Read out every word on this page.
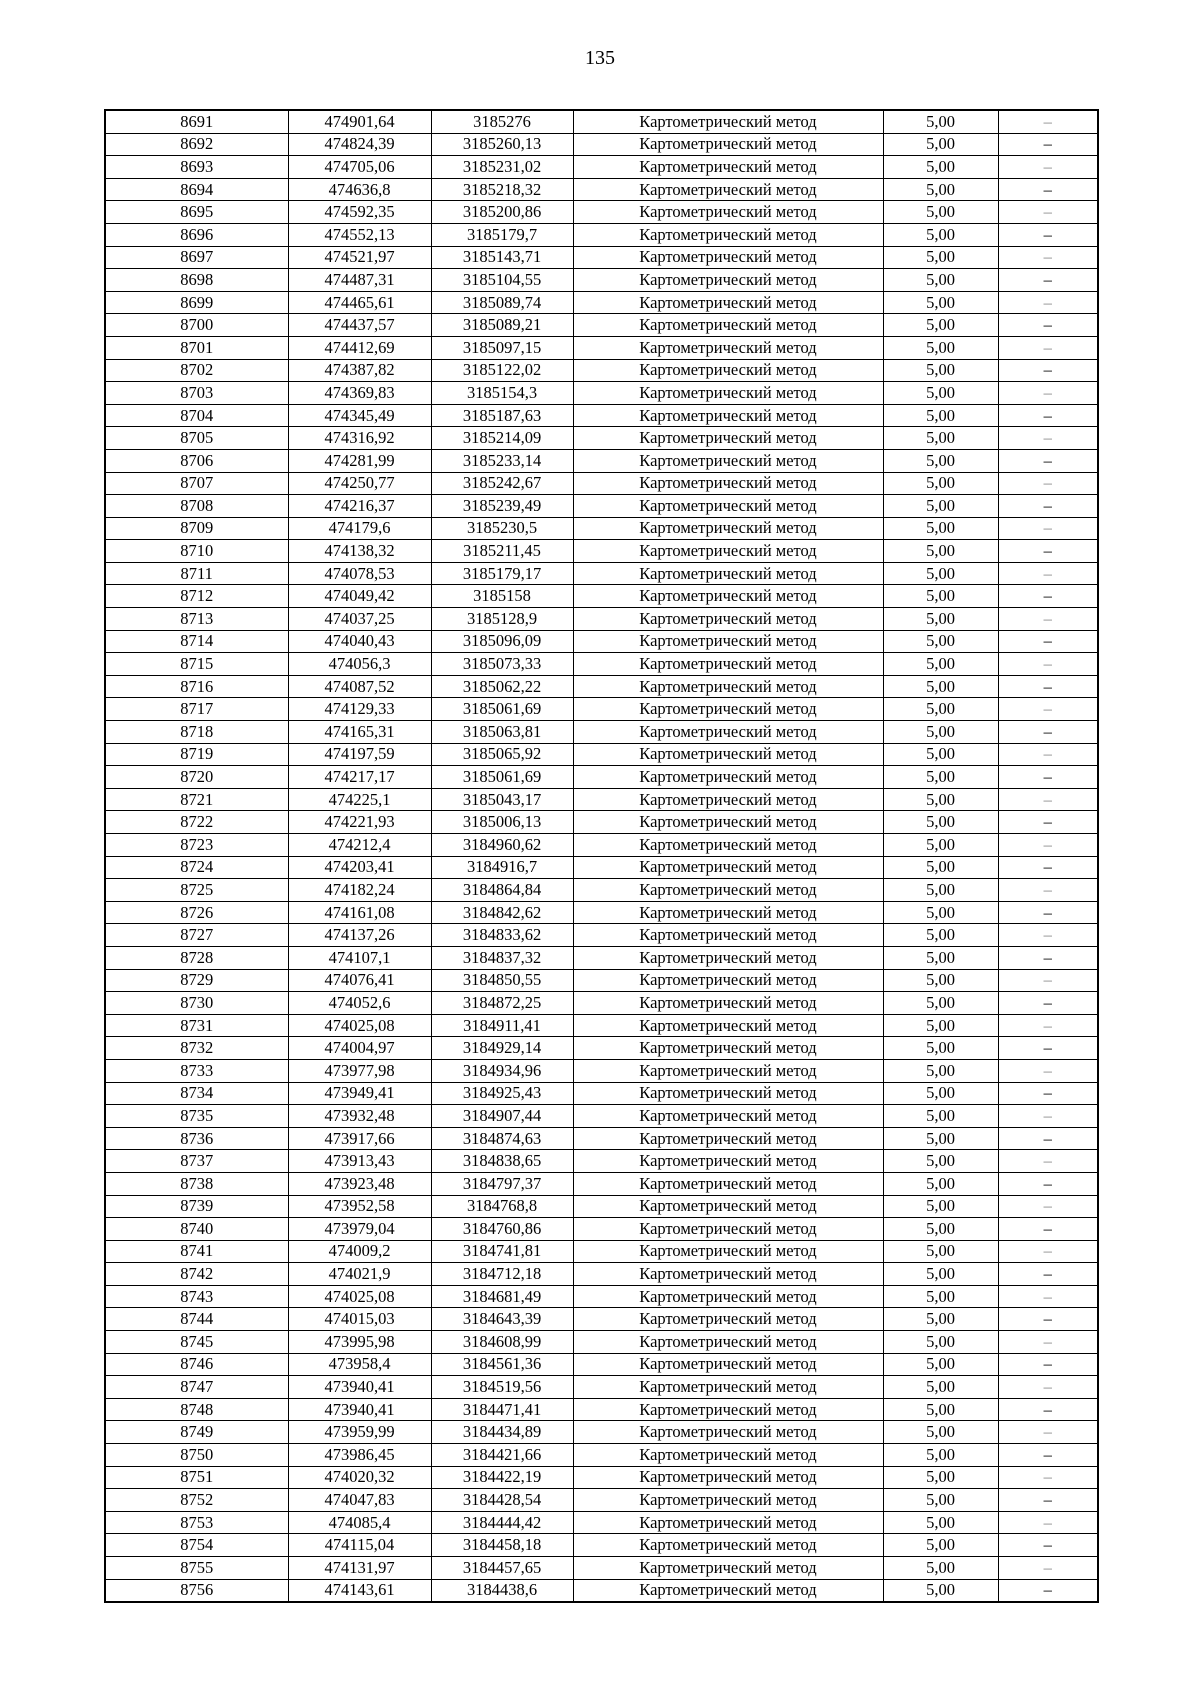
135
8691	474901,64	3185276	Картометрический метод	5,00	–
8692	474824,39	3185260,13	Картометрический метод	5,00	–
8693	474705,06	3185231,02	Картометрический метод	5,00	–
8694	474636,8	3185218,32	Картометрический метод	5,00	–
8695	474592,35	3185200,86	Картометрический метод	5,00	–
8696	474552,13	3185179,7	Картометрический метод	5,00	–
8697	474521,97	3185143,71	Картометрический метод	5,00	–
8698	474487,31	3185104,55	Картометрический метод	5,00	–
8699	474465,61	3185089,74	Картометрический метод	5,00	–
8700	474437,57	3185089,21	Картометрический метод	5,00	–
8701	474412,69	3185097,15	Картометрический метод	5,00	–
8702	474387,82	3185122,02	Картометрический метод	5,00	–
8703	474369,83	3185154,3	Картометрический метод	5,00	–
8704	474345,49	3185187,63	Картометрический метод	5,00	–
8705	474316,92	3185214,09	Картометрический метод	5,00	–
8706	474281,99	3185233,14	Картометрический метод	5,00	–
8707	474250,77	3185242,67	Картометрический метод	5,00	–
8708	474216,37	3185239,49	Картометрический метод	5,00	–
8709	474179,6	3185230,5	Картометрический метод	5,00	–
8710	474138,32	3185211,45	Картометрический метод	5,00	–
8711	474078,53	3185179,17	Картометрический метод	5,00	–
8712	474049,42	3185158	Картометрический метод	5,00	–
8713	474037,25	3185128,9	Картометрический метод	5,00	–
8714	474040,43	3185096,09	Картометрический метод	5,00	–
8715	474056,3	3185073,33	Картометрический метод	5,00	–
8716	474087,52	3185062,22	Картометрический метод	5,00	–
8717	474129,33	3185061,69	Картометрический метод	5,00	–
8718	474165,31	3185063,81	Картометрический метод	5,00	–
8719	474197,59	3185065,92	Картометрический метод	5,00	–
8720	474217,17	3185061,69	Картометрический метод	5,00	–
8721	474225,1	3185043,17	Картометрический метод	5,00	–
8722	474221,93	3185006,13	Картометрический метод	5,00	–
8723	474212,4	3184960,62	Картометрический метод	5,00	–
8724	474203,41	3184916,7	Картометрический метод	5,00	–
8725	474182,24	3184864,84	Картометрический метод	5,00	–
8726	474161,08	3184842,62	Картометрический метод	5,00	–
8727	474137,26	3184833,62	Картометрический метод	5,00	–
8728	474107,1	3184837,32	Картометрический метод	5,00	–
8729	474076,41	3184850,55	Картометрический метод	5,00	–
8730	474052,6	3184872,25	Картометрический метод	5,00	–
8731	474025,08	3184911,41	Картометрический метод	5,00	–
8732	474004,97	3184929,14	Картометрический метод	5,00	–
8733	473977,98	3184934,96	Картометрический метод	5,00	–
8734	473949,41	3184925,43	Картометрический метод	5,00	–
8735	473932,48	3184907,44	Картометрический метод	5,00	–
8736	473917,66	3184874,63	Картометрический метод	5,00	–
8737	473913,43	3184838,65	Картометрический метод	5,00	–
8738	473923,48	3184797,37	Картометрический метод	5,00	–
8739	473952,58	3184768,8	Картометрический метод	5,00	–
8740	473979,04	3184760,86	Картометрический метод	5,00	–
8741	474009,2	3184741,81	Картометрический метод	5,00	–
8742	474021,9	3184712,18	Картометрический метод	5,00	–
8743	474025,08	3184681,49	Картометрический метод	5,00	–
8744	474015,03	3184643,39	Картометрический метод	5,00	–
8745	473995,98	3184608,99	Картометрический метод	5,00	–
8746	473958,4	3184561,36	Картометрический метод	5,00	–
8747	473940,41	3184519,56	Картометрический метод	5,00	–
8748	473940,41	3184471,41	Картометрический метод	5,00	–
8749	473959,99	3184434,89	Картометрический метод	5,00	–
8750	473986,45	3184421,66	Картометрический метод	5,00	–
8751	474020,32	3184422,19	Картометрический метод	5,00	–
8752	474047,83	3184428,54	Картометрический метод	5,00	–
8753	474085,4	3184444,42	Картометрический метод	5,00	–
8754	474115,04	3184458,18	Картометрический метод	5,00	–
8755	474131,97	3184457,65	Картометрический метод	5,00	–
8756	474143,61	3184438,6	Картометрический метод	5,00	–
